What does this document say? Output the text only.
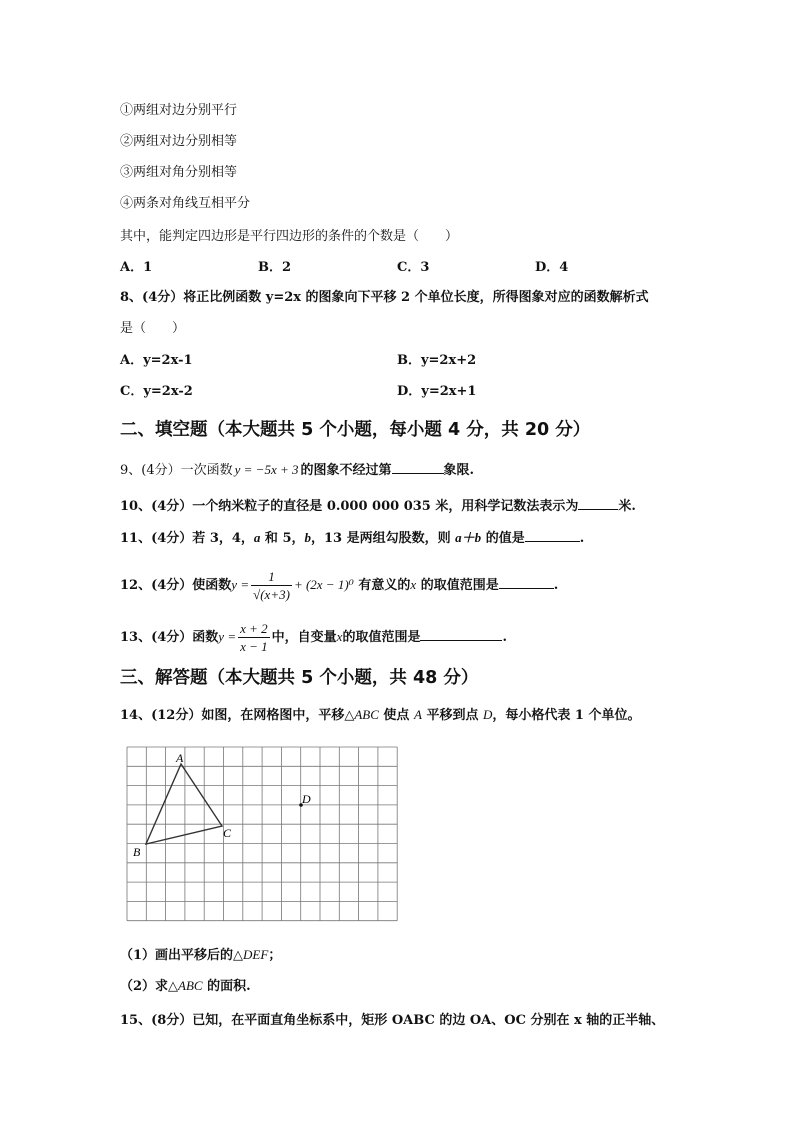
①两组对边分别平行
②两组对边分别相等
③两组对角分别相等
④两条对角线互相平分
其中，能判定四边形是平行四边形的条件的个数是（　　）
A．1	B．2	C．3	D．4
8、(4分）将正比例函数 y=2x 的图象向下平移 2 个单位长度，所得图象对应的函数解析式
是（　　）
A．y=2x-1	B．y=2x+2
C．y=2x-2	D．y=2x+1
二、填空题（本大题共 5 个小题，每小题 4 分，共 20 分）
9、(4分）一次函数 y = −5x + 3 的图象不经过第	象限.
10、(4分）一个纳米粒子的直径是 0.000 000 035 米，用科学记数法表示为	米.
11、(4分）若 3，4，a 和 5，b，13 是两组勾股数，则 a＋b 的值是	.
12、(4分）使函数$y = \frac{1}{√(x+3)} + (2x - 1)^0$ 有意义的x 的取值范围是	.
13、(4分）函数$y = \frac{x + 2}{x - 1}$ 中，自变量x的取值范围是	.
三、解答题（本大题共 5 个小题，共 48 分）
14、(12分）如图，在网格图中，平移△ABC 使点 A 平移到点 D，每小格代表 1 个单位。
A
B
C
D
（1）画出平移后的△DEF；
（2）求△ABC 的面积.
15、(8分）已知，在平面直角坐标系中，矩形 OABC 的边 OA、OC 分别在 x 轴的正半轴、
